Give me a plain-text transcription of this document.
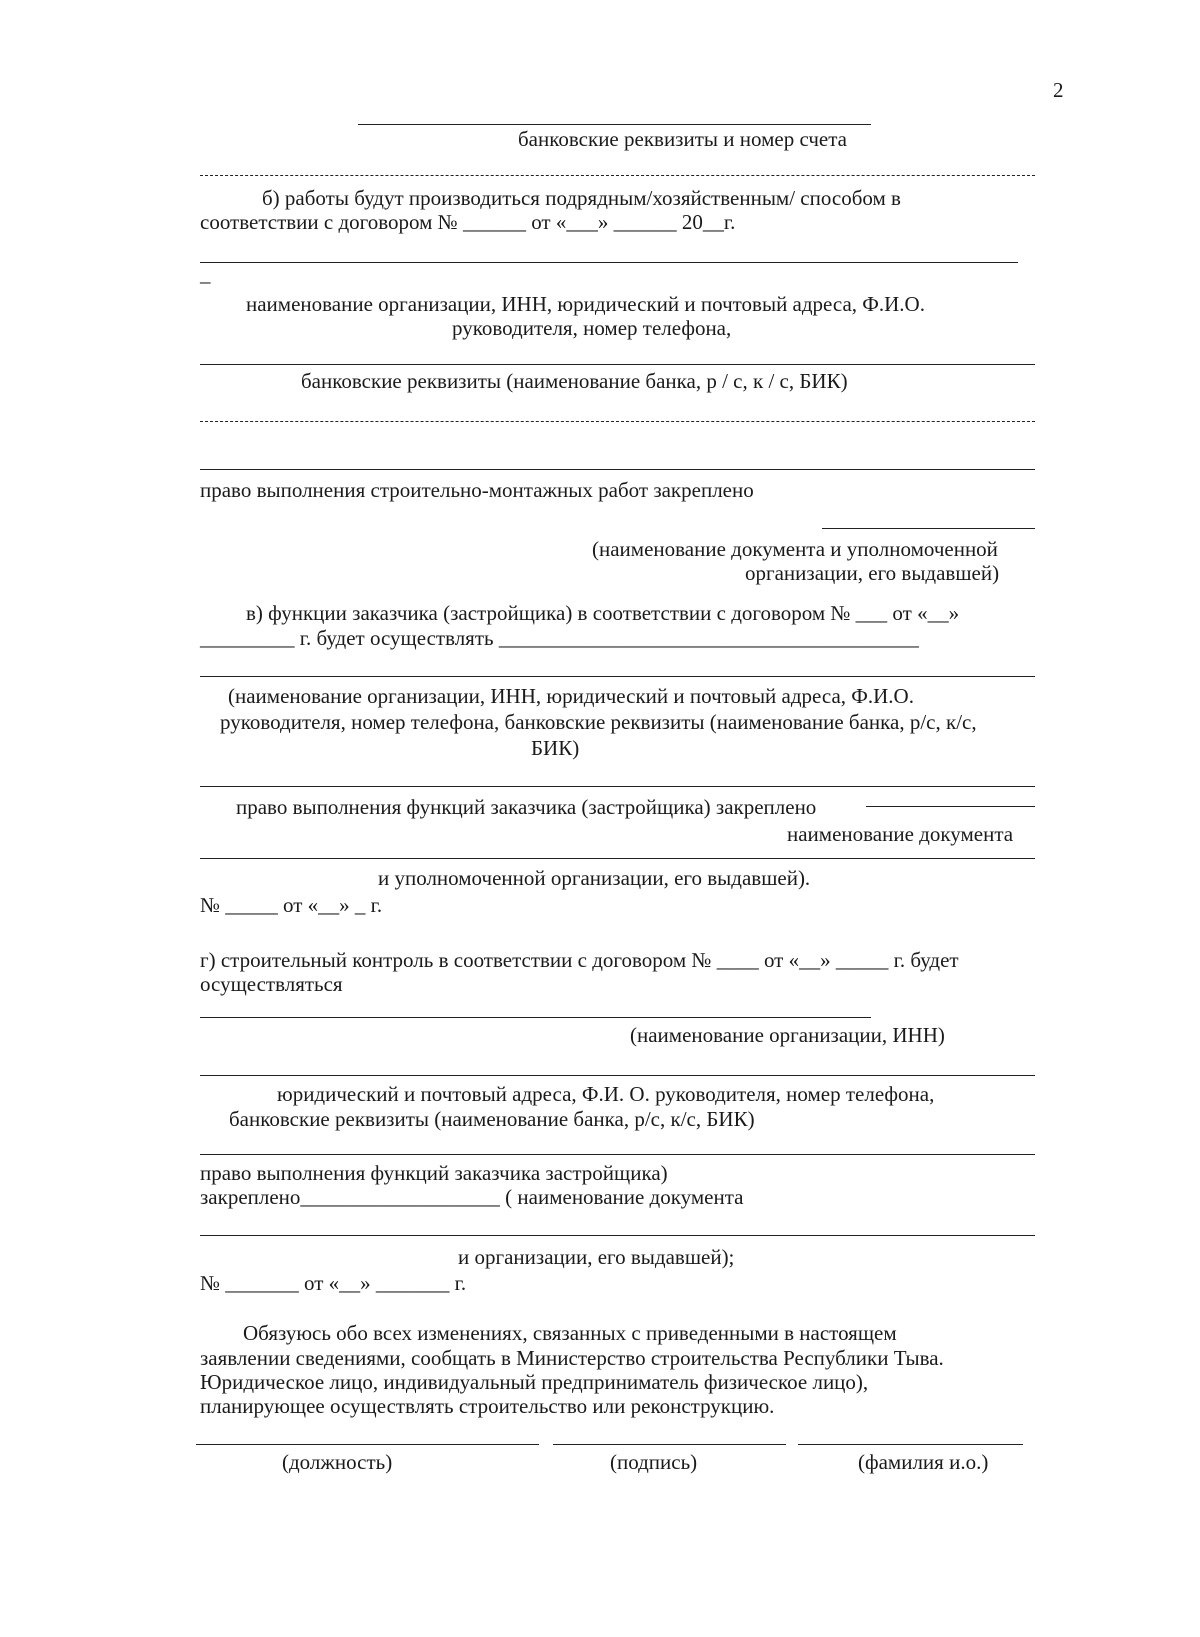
2
банковские реквизиты и номер счета
б) работы будут производиться подрядным/хозяйственным/ способом в
соответствии с договором № ______ от «___» ______ 20__г.
–
наименование организации, ИНН, юридический и почтовый адреса, Ф.И.О.
руководителя, номер телефона,
банковские реквизиты (наименование банка, р / с, к / с, БИК)
право выполнения строительно-монтажных работ закреплено
(наименование документа и уполномоченной
организации, его выдавшей)
в) функции заказчика (застройщика) в соответствии с договором № ___ от «__»
_________ г. будет осуществлять ________________________________________
(наименование организации, ИНН, юридический и почтовый адреса, Ф.И.О.
руководителя, номер телефона, банковские реквизиты (наименование банка, р/с, к/с,
БИК)
право выполнения функций заказчика (застройщика) закреплено
наименование документа
и уполномоченной организации, его выдавшей).
№ _____ от «__» _ г.
г) строительный контроль в соответствии с договором № ____ от «__» _____ г. будет
осуществляться
(наименование организации, ИНН)
юридический и почтовый адреса, Ф.И. О. руководителя, номер телефона,
банковские реквизиты (наименование банка, р/с, к/с, БИК)
право выполнения функций заказчика застройщика)
закреплено___________________ ( наименование документа
и организации, его выдавшей);
№ _______ от «__» _______ г.
Обязуюсь обо всех изменениях, связанных с приведенными в настоящем
заявлении сведениями, сообщать в Министерство строительства Республики Тыва.
Юридическое лицо, индивидуальный предприниматель физическое лицо),
планирующее осуществлять строительство или реконструкцию.
(должность)	(подпись)	(фамилия и.о.)
